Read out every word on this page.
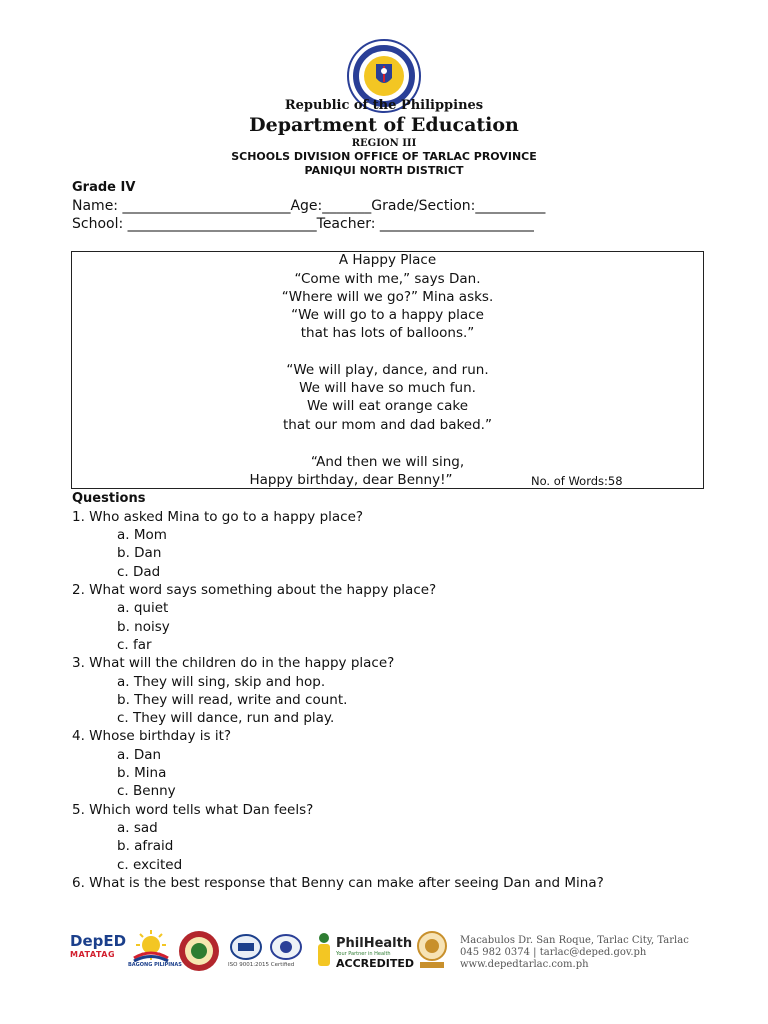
Republic of the Philippines
Department of Education
REGION III
SCHOOLS DIVISION OFFICE OF TARLAC PROVINCE
PANIQUI NORTH DISTRICT
Grade IV
Name: ________________________Age:_______Grade/Section:__________
School: ___________________________Teacher: ______________________
A Happy Place
“Come with me,” says Dan.
“Where will we go?” Mina asks.
“We will go to a happy place
that has lots of balloons.”
“We will play, dance, and run.
We will have so much fun.
We will eat orange cake
that our mom and dad baked.”
“And then we will sing,
Happy birthday, dear Benny!”	No. of Words:58
Questions
1. Who asked Mina to go to a happy place?
a. Mom
b. Dan
c. Dad
2. What word says something about the happy place?
a. quiet
b. noisy
c. far
3. What will the children do in the happy place?
a. They will sing, skip and hop.
b. They will read, write and count.
c. They will dance, run and play.
4. Whose birthday is it?
a. Dan
b. Mina
c. Benny
5. Which word tells what Dan feels?
a. sad
b. afraid
c. excited
6. What is the best response that Benny can make after seeing Dan and Mina?
DepED
MATATAG
BAGONG PILIPINAS	ISO 9001:2015 Certified
PhilHealth
Your Partner in Health
ACCREDITED
Macabulos Dr. San Roque, Tarlac City, Tarlac
045 982 0374 | tarlac@deped.gov.ph
www.depedtarlac.com.ph
